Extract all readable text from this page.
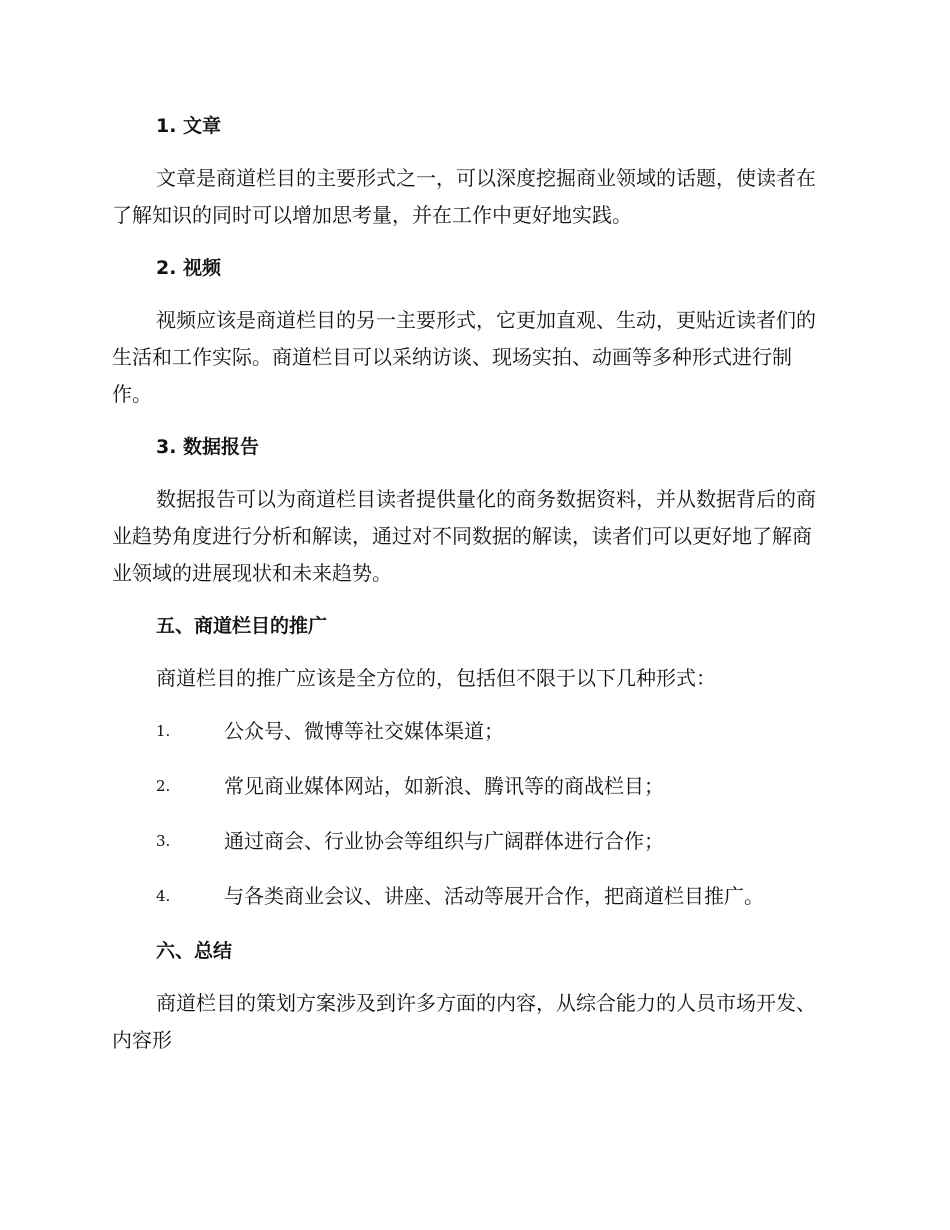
1. 文章

文章是商道栏目的主要形式之一，可以深度挖掘商业领域的话题，使读者在了解知识的同时可以增加思考量，并在工作中更好地实践。

2. 视频

视频应该是商道栏目的另一主要形式，它更加直观、生动，更贴近读者们的生活和工作实际。商道栏目可以采纳访谈、现场实拍、动画等多种形式进行制作。

3. 数据报告

数据报告可以为商道栏目读者提供量化的商务数据资料，并从数据背后的商业趋势角度进行分析和解读，通过对不同数据的解读，读者们可以更好地了解商业领域的进展现状和未来趋势。

五、商道栏目的推广

商道栏目的推广应该是全方位的，包括但不限于以下几种形式：

1.	公众号、微博等社交媒体渠道；
2.	常见商业媒体网站，如新浪、腾讯等的商战栏目；
3.	通过商会、行业协会等组织与广阔群体进行合作；
4.	与各类商业会议、讲座、活动等展开合作，把商道栏目推广。
六、总结

商道栏目的策划方案涉及到许多方面的内容，从综合能力的人员市场开发、内容形
